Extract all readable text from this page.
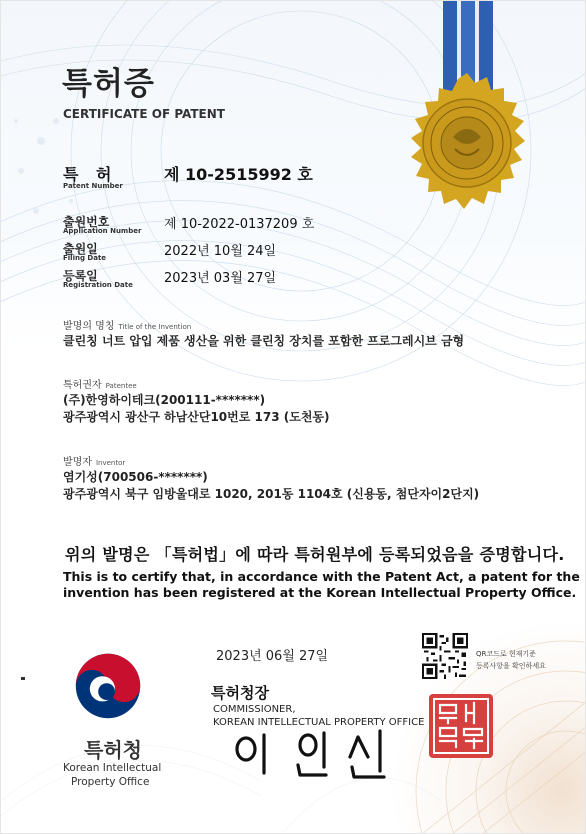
특허증
CERTIFICATE OF PATENT
특 허
Patent Number
제 10-2515992 호
출원번호
Application Number 제 10-2022-0137209 호
출원일
Filing Date	2022년 10월 24일
등록일
Registration Date 2023년 03월 27일
발명의 명칭 Title of the Invention
클린칭 너트 압입 제품 생산을 위한 클린칭 장치를 포함한 프로그레시브 금형
특허권자 Patentee
(주)한영하이테크(200111-*******)
광주광역시 광산구 하남산단10번로 173 (도천동)
발명자 Inventor
염기성(700506-*******)
광주광역시 북구 임방울대로 1020, 201동 1104호 (신용동, 첨단자이2단지)
위의 발명은 「특허법」에 따라 특허원부에 등록되었음을 증명합니다.
This is to certify that, in accordance with the Patent Act, a patent for the
invention has been registered at the Korean Intellectual Property Office.
2023년 06월 27일	QR코드로 현재기준
등록사항을 확인하세요
특허청
Korean Intellectual
Property Office
특허청장
COMMISSIONER,
KOREAN INTELLECTUAL PROPERTY OFFICE
